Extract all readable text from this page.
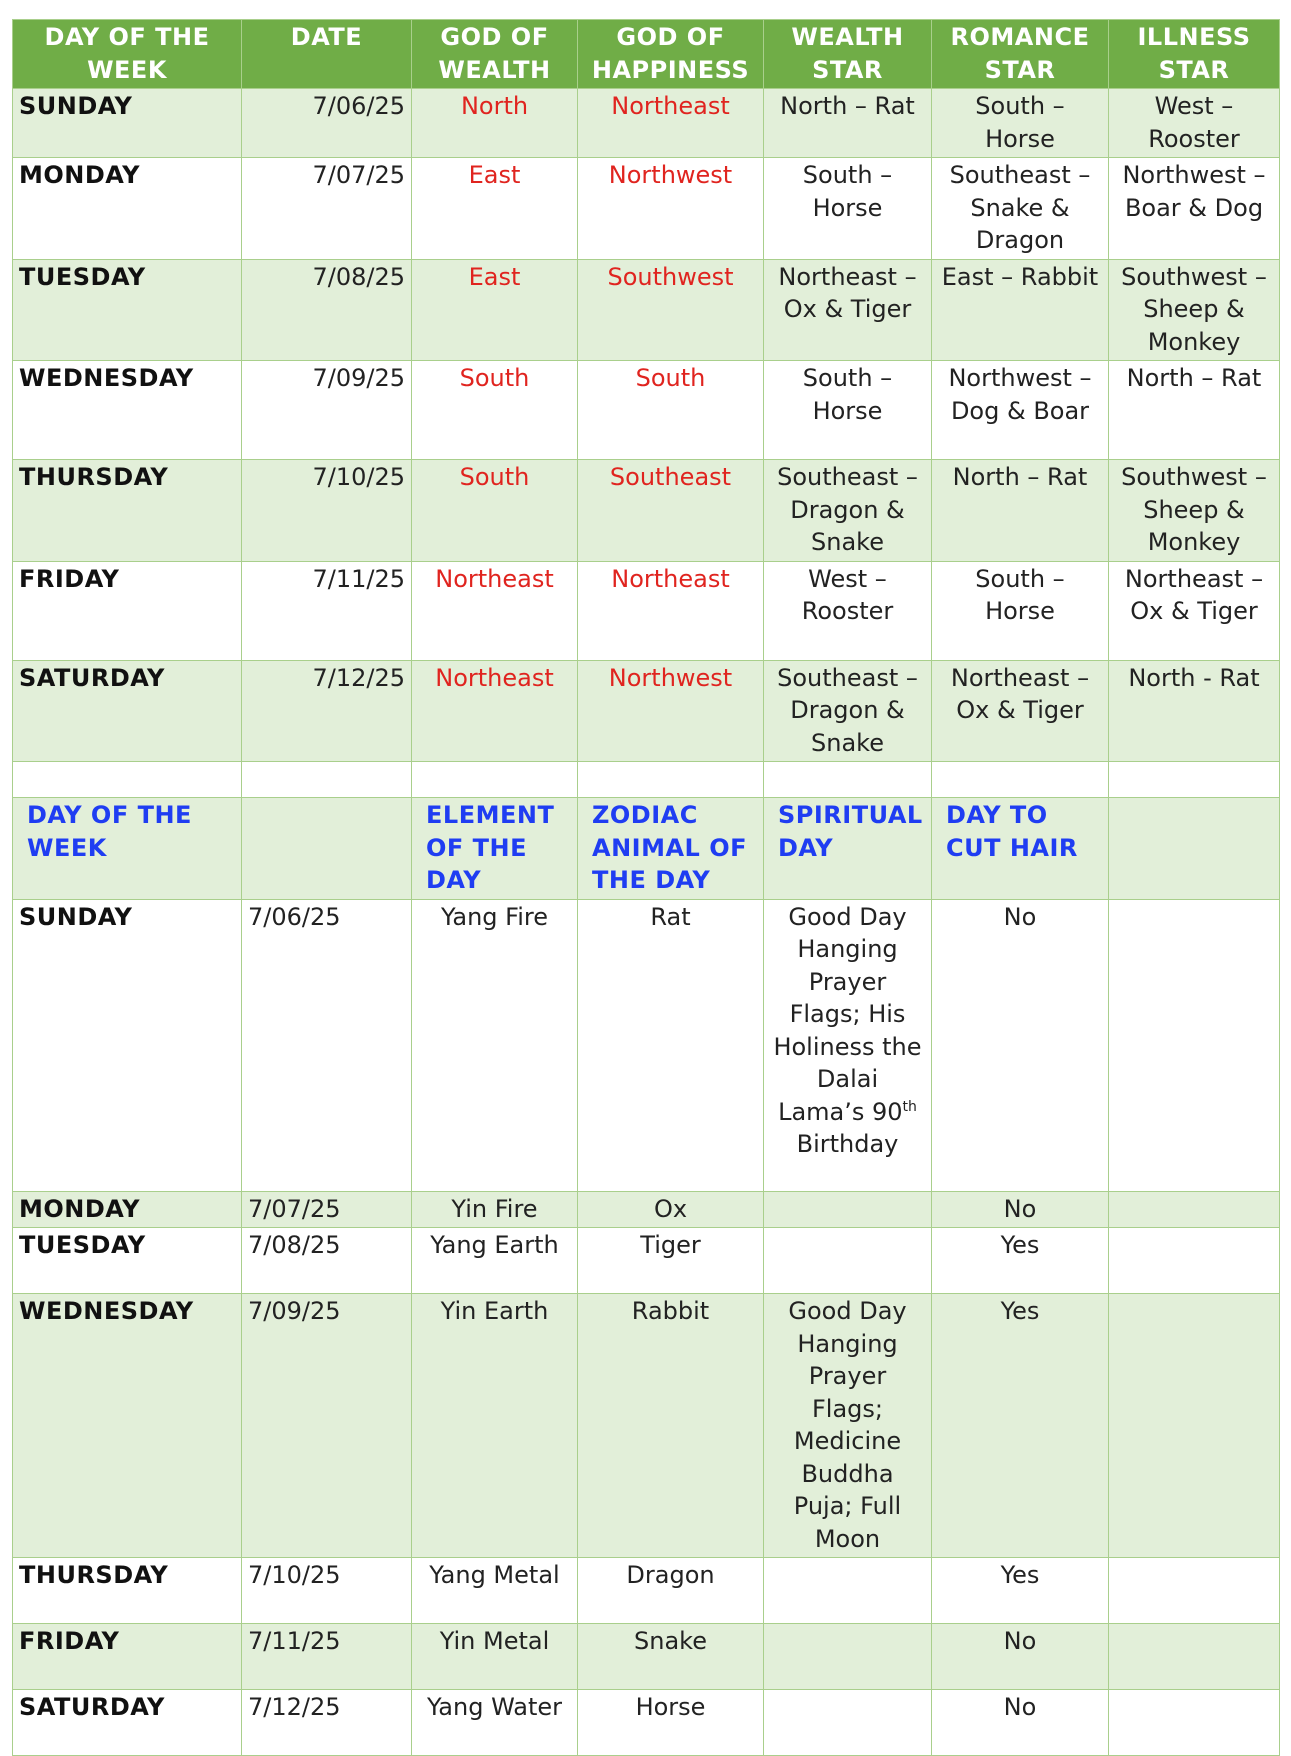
DAY OF THE WEEK	DATE	GOD OF WEALTH	GOD OF HAPPINESS	WEALTH STAR	ROMANCE STAR	ILLNESS STAR
SUNDAY	7/06/25	North	Northeast	North – Rat	South – Horse	West – Rooster
MONDAY	7/07/25	East	Northwest	South – Horse	Southeast – Snake & Dragon	Northwest – Boar & Dog
TUESDAY	7/08/25	East	Southwest	Northeast – Ox & Tiger	East – Rabbit	Southwest – Sheep & Monkey
WEDNESDAY	7/09/25	South	South	South – Horse	Northwest – Dog & Boar	North – Rat
THURSDAY	7/10/25	South	Southeast	Southeast – Dragon & Snake	North – Rat	Southwest – Sheep & Monkey
FRIDAY	7/11/25	Northeast	Northeast	West – Rooster	South – Horse	Northeast – Ox & Tiger
SATURDAY	7/12/25	Northeast	Northwest	Southeast – Dragon & Snake	Northeast – Ox & Tiger	North - Rat

DAY OF THE WEEK		ELEMENT OF THE DAY	ZODIAC ANIMAL OF THE DAY	SPIRITUAL DAY	DAY TO CUT HAIR	
SUNDAY	7/06/25	Yang Fire	Rat	Good Day Hanging Prayer Flags; His Holiness the Dalai Lama’s 90th Birthday	No	
MONDAY	7/07/25	Yin Fire	Ox		No	
TUESDAY	7/08/25	Yang Earth	Tiger		Yes	
WEDNESDAY	7/09/25	Yin Earth	Rabbit	Good Day Hanging Prayer Flags; Medicine Buddha Puja; Full Moon	Yes	
THURSDAY	7/10/25	Yang Metal	Dragon		Yes	
FRIDAY	7/11/25	Yin Metal	Snake		No	
SATURDAY	7/12/25	Yang Water	Horse		No	
